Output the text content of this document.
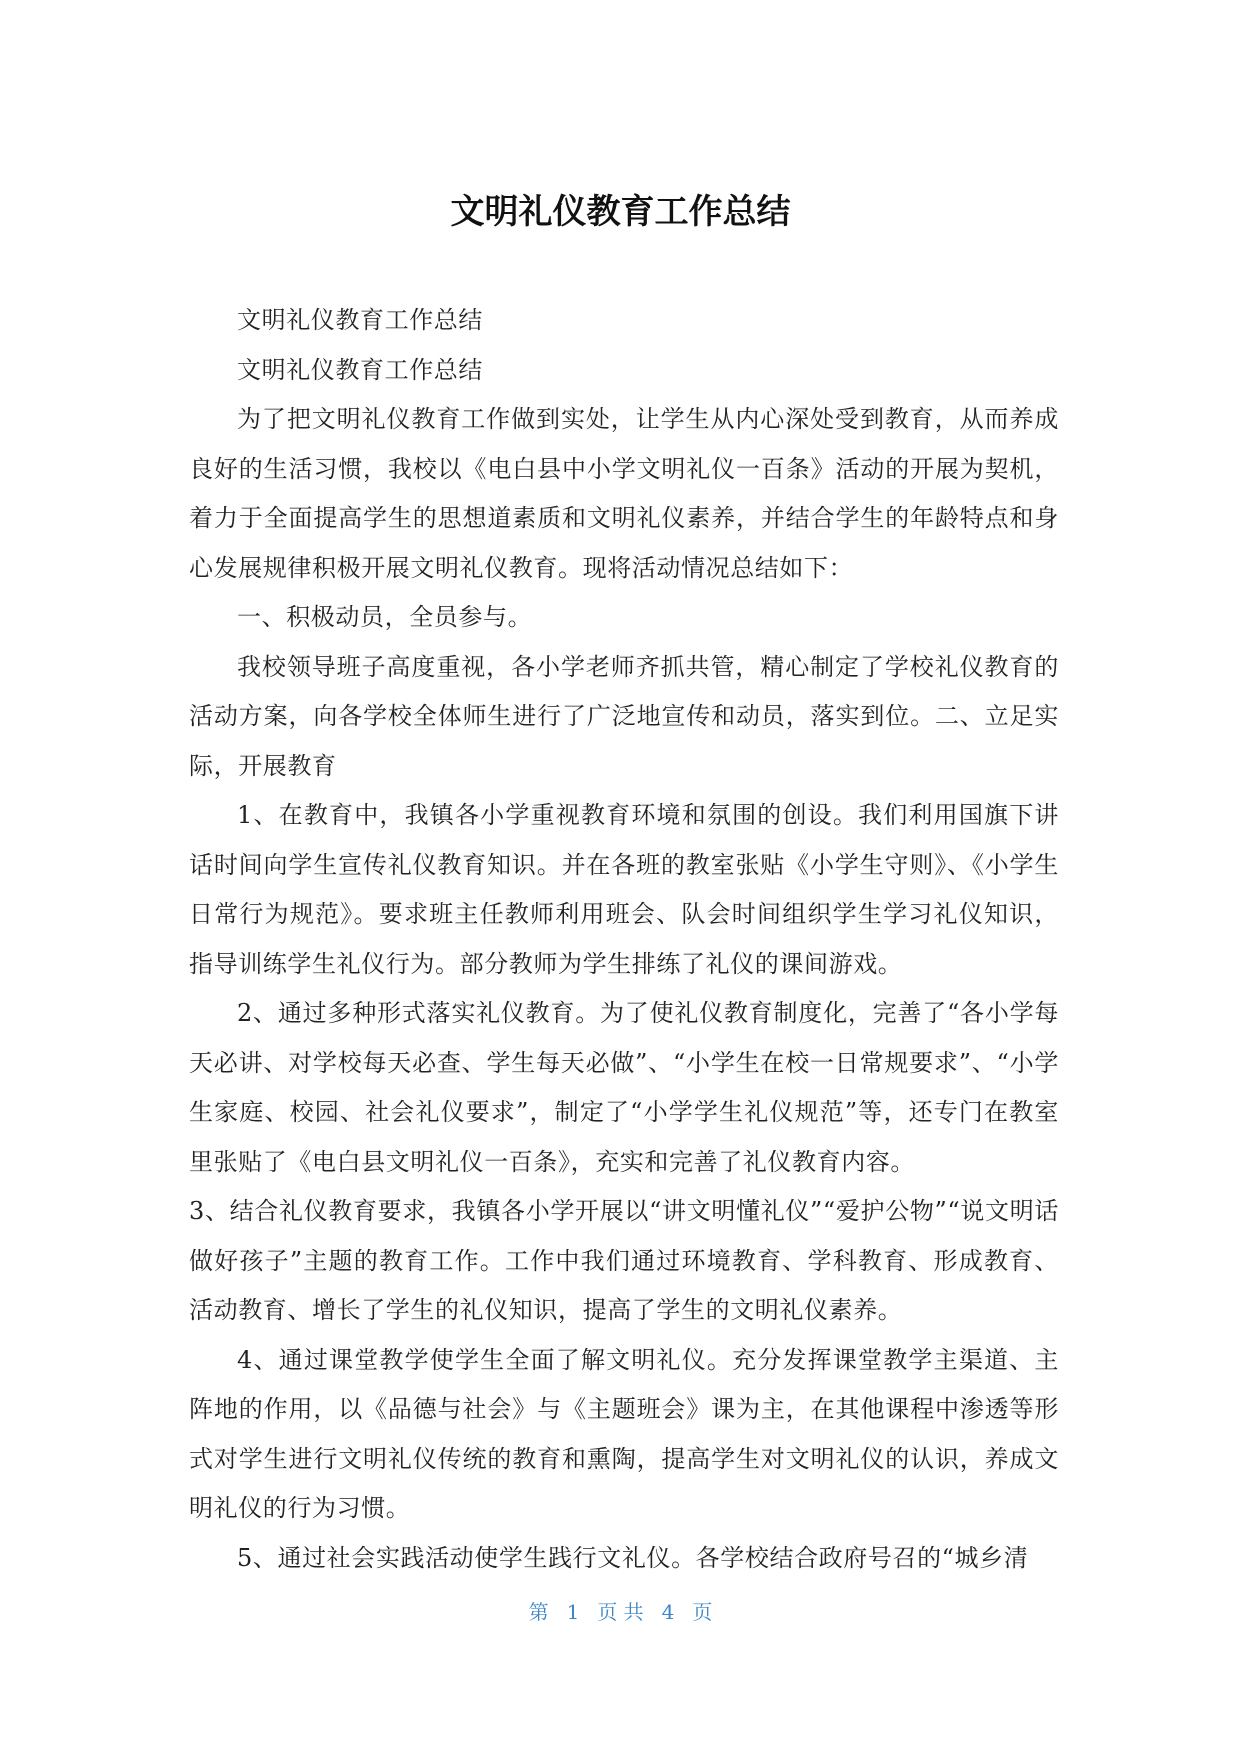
文明礼仪教育工作总结

文明礼仪教育工作总结

文明礼仪教育工作总结

为了把文明礼仪教育工作做到实处，让学生从内心深处受到教育，从而养成良好的生活习惯，我校以《电白县中小学文明礼仪一百条》活动的开展为契机，着力于全面提高学生的思想道素质和文明礼仪素养，并结合学生的年龄特点和身心发展规律积极开展文明礼仪教育。现将活动情况总结如下：

一、积极动员，全员参与。

我校领导班子高度重视，各小学老师齐抓共管，精心制定了学校礼仪教育的活动方案，向各学校全体师生进行了广泛地宣传和动员，落实到位。二、立足实际，开展教育

1、在教育中，我镇各小学重视教育环境和氛围的创设。我们利用国旗下讲话时间向学生宣传礼仪教育知识。并在各班的教室张贴《小学生守则》、《小学生日常行为规范》。要求班主任教师利用班会、队会时间组织学生学习礼仪知识，指导训练学生礼仪行为。部分教师为学生排练了礼仪的课间游戏。

2、通过多种形式落实礼仪教育。为了使礼仪教育制度化，完善了“各小学每天必讲、对学校每天必查、学生每天必做”、“小学生在校一日常规要求”、“小学生家庭、校园、社会礼仪要求”，制定了“小学学生礼仪规范”等，还专门在教室里张贴了《电白县文明礼仪一百条》，充实和完善了礼仪教育内容。

3、结合礼仪教育要求，我镇各小学开展以“讲文明懂礼仪”“爱护公物”“说文明话做好孩子”主题的教育工作。工作中我们通过环境教育、学科教育、形成教育、活动教育、增长了学生的礼仪知识，提高了学生的文明礼仪素养。

4、通过课堂教学使学生全面了解文明礼仪。充分发挥课堂教学主渠道、主阵地的作用，以《品德与社会》与《主题班会》课为主，在其他课程中渗透等形式对学生进行文明礼仪传统的教育和熏陶，提高学生对文明礼仪的认识，养成文明礼仪的行为习惯。

5、通过社会实践活动使学生践行文礼仪。各学校结合政府号召的“城乡清

第 1 页 共 4 页
